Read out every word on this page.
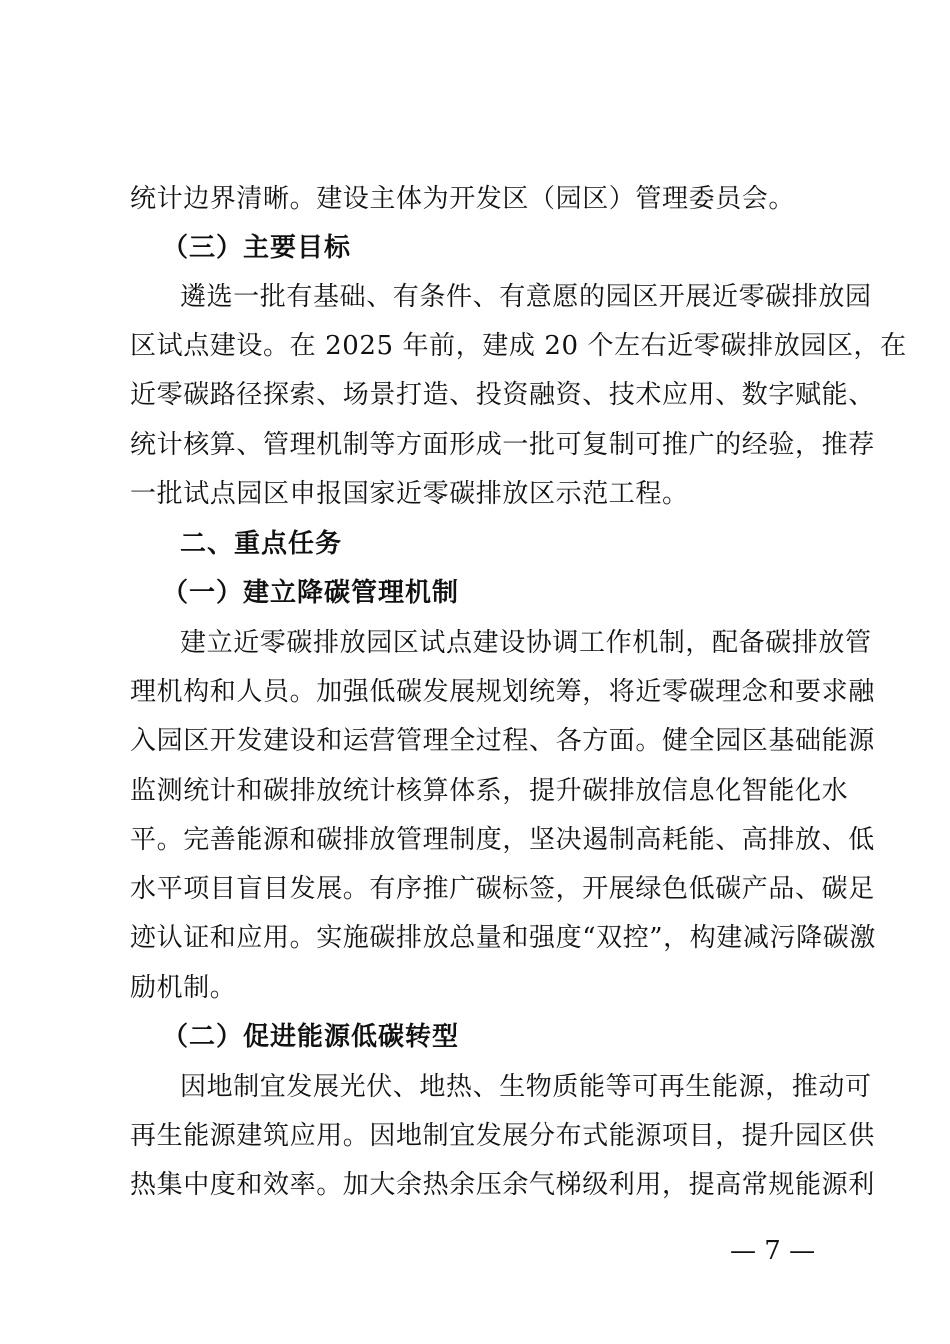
统计边界清晰。建设主体为开发区（园区）管理委员会。
（三）主要目标
遴选一批有基础、有条件、有意愿的园区开展近零碳排放园
区试点建设。在 2025 年前，建成 20 个左右近零碳排放园区，在
近零碳路径探索、场景打造、投资融资、技术应用、数字赋能、
统计核算、管理机制等方面形成一批可复制可推广的经验，推荐
一批试点园区申报国家近零碳排放区示范工程。
二、重点任务
（一）建立降碳管理机制
建立近零碳排放园区试点建设协调工作机制，配备碳排放管
理机构和人员。加强低碳发展规划统筹，将近零碳理念和要求融
入园区开发建设和运营管理全过程、各方面。健全园区基础能源
监测统计和碳排放统计核算体系，提升碳排放信息化智能化水
平。完善能源和碳排放管理制度，坚决遏制高耗能、高排放、低
水平项目盲目发展。有序推广碳标签，开展绿色低碳产品、碳足
迹认证和应用。实施碳排放总量和强度“双控”，构建减污降碳激
励机制。
（二）促进能源低碳转型
因地制宜发展光伏、地热、生物质能等可再生能源，推动可
再生能源建筑应用。因地制宜发展分布式能源项目，提升园区供
热集中度和效率。加大余热余压余气梯级利用，提高常规能源利
— 7 —
